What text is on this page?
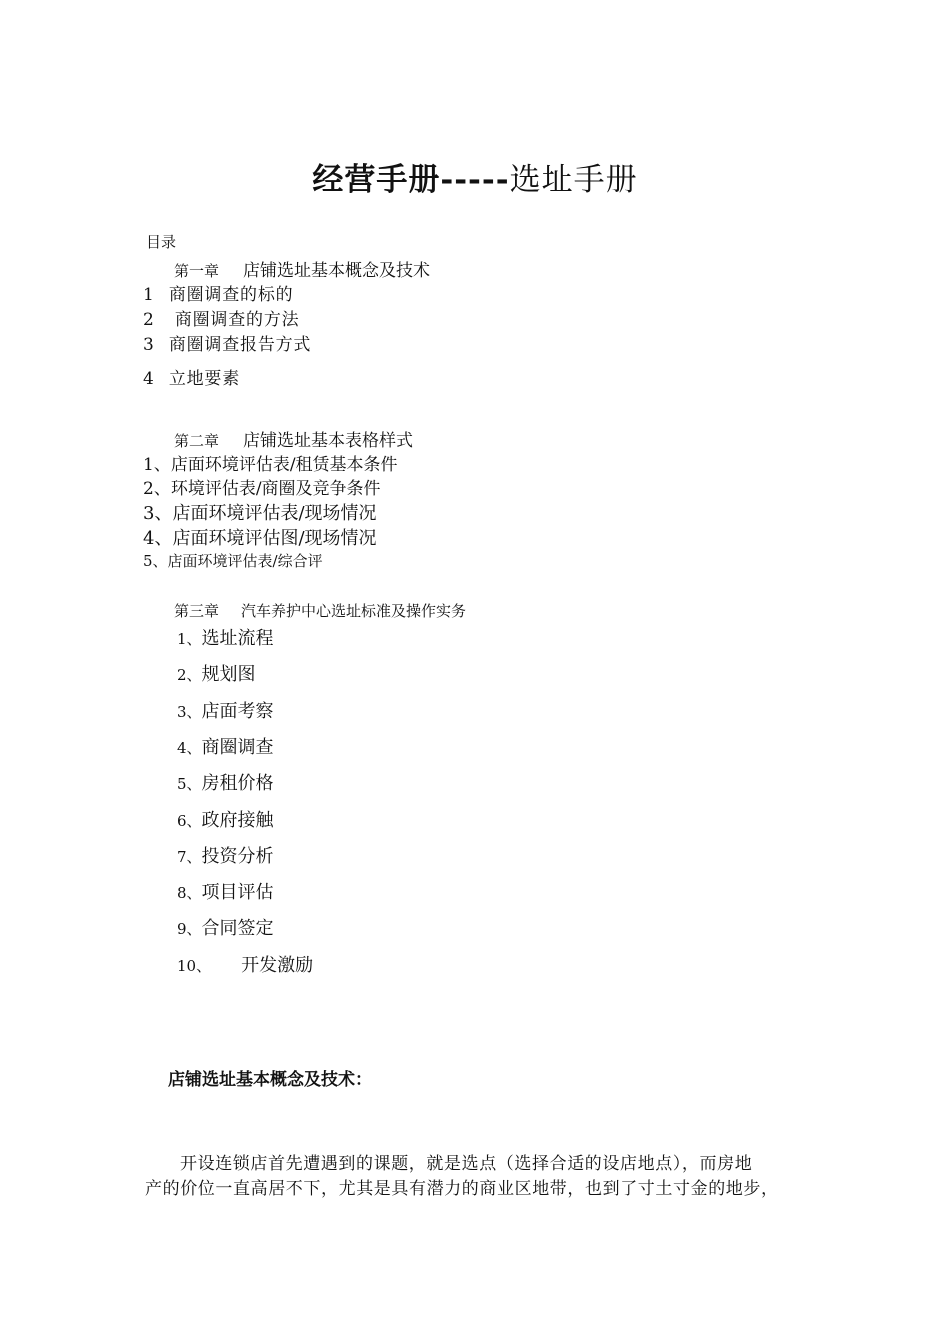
经营手册-----选址手册
目录
第一章 店铺选址基本概念及技术
1 商圈调查的标的
2 商圈调查的方法
3 商圈调查报告方式
4 立地要素
第二章 店铺选址基本表格样式
1、店面环境评估表/租赁基本条件
2、环境评估表/商圈及竞争条件
3、店面环境评估表/现场情况
4、店面环境评估图/现场情况
5、店面环境评估表/综合评
第三章 汽车养护中心选址标准及操作实务
1、选址流程
2、规划图
3、店面考察
4、商圈调查
5、房租价格
6、政府接触
7、投资分析
8、项目评估
9、合同签定
10、 开发激励
店铺选址基本概念及技术：
开设连锁店首先遭遇到的课题，就是选点（选择合适的设店地点），而房地
产的价位一直高居不下，尤其是具有潜力的商业区地带，也到了寸土寸金的地步，
